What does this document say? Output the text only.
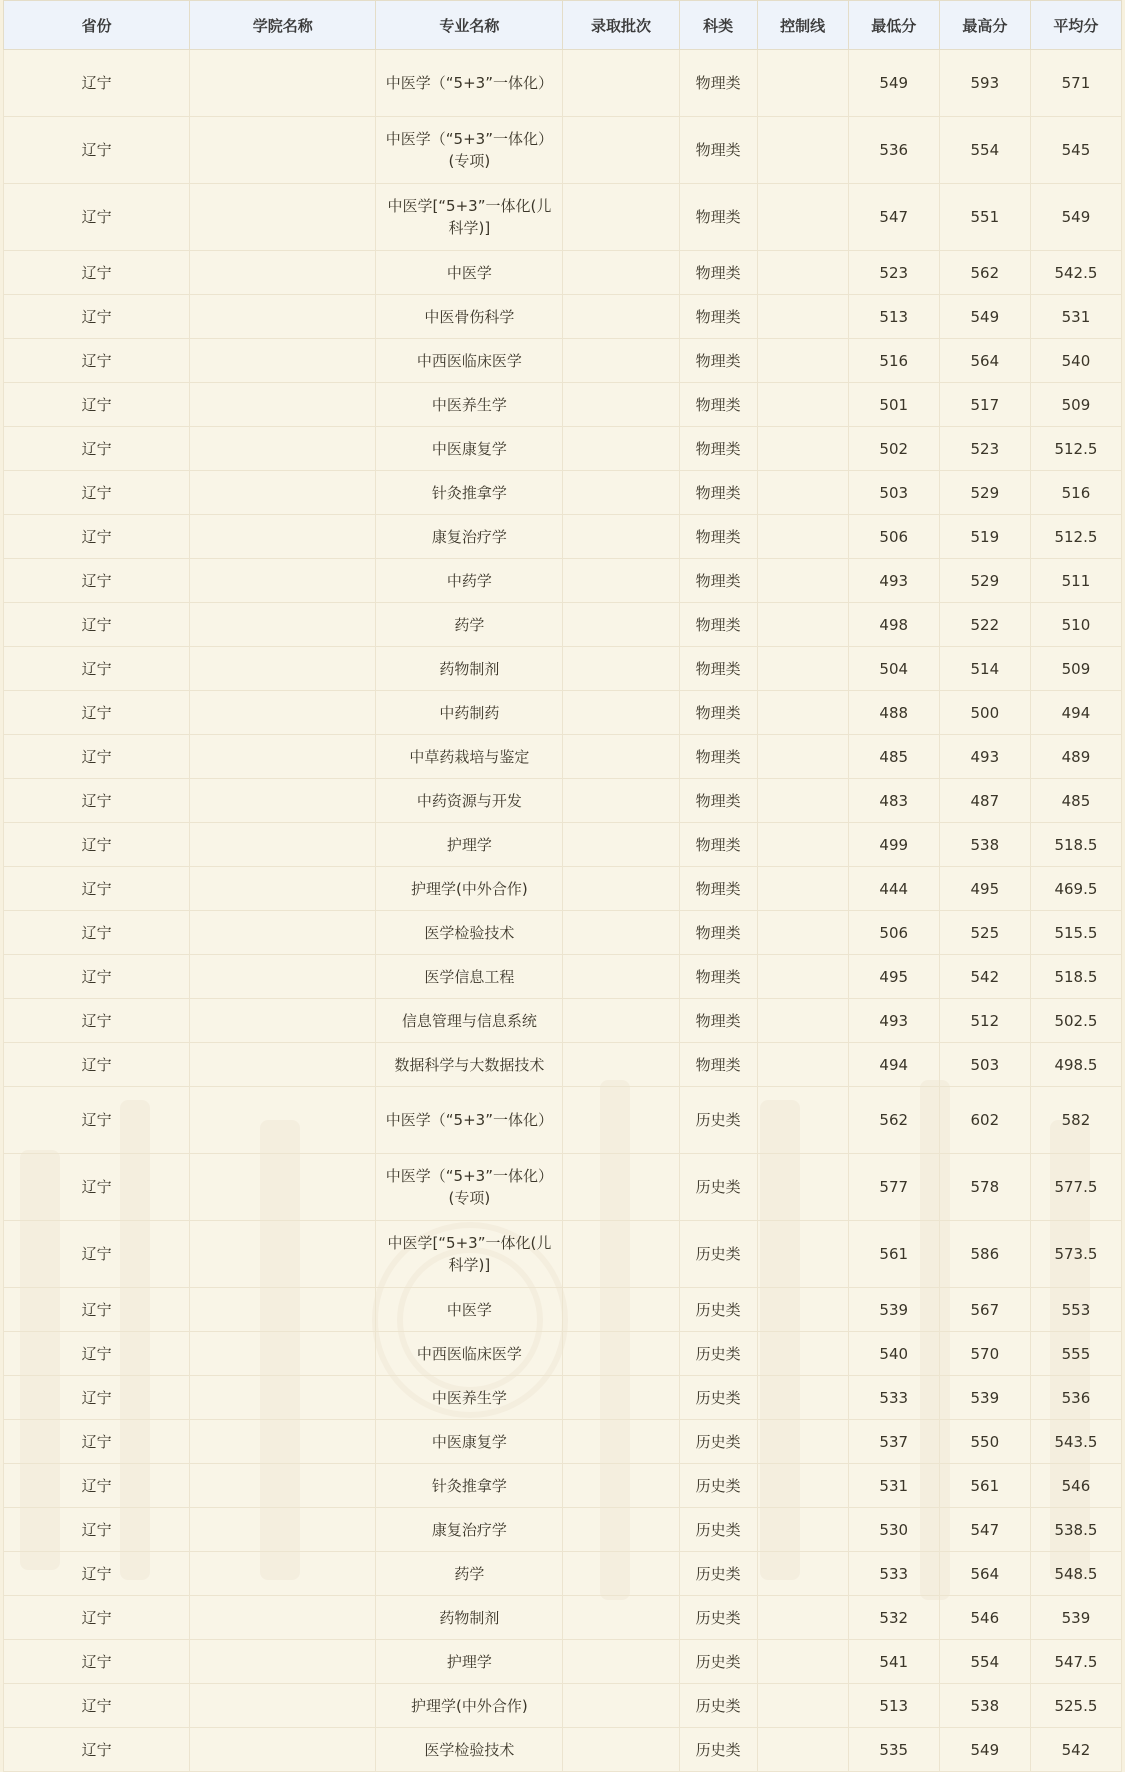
省份	学院名称	专业名称	录取批次	科类	控制线	最低分	最高分	平均分
辽宁		中医学（“5+3”一体化）		物理类		549	593	571
辽宁		中医学（“5+3”一体化）(专项)		物理类		536	554	545
辽宁		中医学[“5+3”一体化(儿科学)]		物理类		547	551	549
辽宁		中医学		物理类		523	562	542.5
辽宁		中医骨伤科学		物理类		513	549	531
辽宁		中西医临床医学		物理类		516	564	540
辽宁		中医养生学		物理类		501	517	509
辽宁		中医康复学		物理类		502	523	512.5
辽宁		针灸推拿学		物理类		503	529	516
辽宁		康复治疗学		物理类		506	519	512.5
辽宁		中药学		物理类		493	529	511
辽宁		药学		物理类		498	522	510
辽宁		药物制剂		物理类		504	514	509
辽宁		中药制药		物理类		488	500	494
辽宁		中草药栽培与鉴定		物理类		485	493	489
辽宁		中药资源与开发		物理类		483	487	485
辽宁		护理学		物理类		499	538	518.5
辽宁		护理学(中外合作)		物理类		444	495	469.5
辽宁		医学检验技术		物理类		506	525	515.5
辽宁		医学信息工程		物理类		495	542	518.5
辽宁		信息管理与信息系统		物理类		493	512	502.5
辽宁		数据科学与大数据技术		物理类		494	503	498.5
辽宁		中医学（“5+3”一体化）		历史类		562	602	582
辽宁		中医学（“5+3”一体化）(专项)		历史类		577	578	577.5
辽宁		中医学[“5+3”一体化(儿科学)]		历史类		561	586	573.5
辽宁		中医学		历史类		539	567	553
辽宁		中西医临床医学		历史类		540	570	555
辽宁		中医养生学		历史类		533	539	536
辽宁		中医康复学		历史类		537	550	543.5
辽宁		针灸推拿学		历史类		531	561	546
辽宁		康复治疗学		历史类		530	547	538.5
辽宁		药学		历史类		533	564	548.5
辽宁		药物制剂		历史类		532	546	539
辽宁		护理学		历史类		541	554	547.5
辽宁		护理学(中外合作)		历史类		513	538	525.5
辽宁		医学检验技术		历史类		535	549	542
